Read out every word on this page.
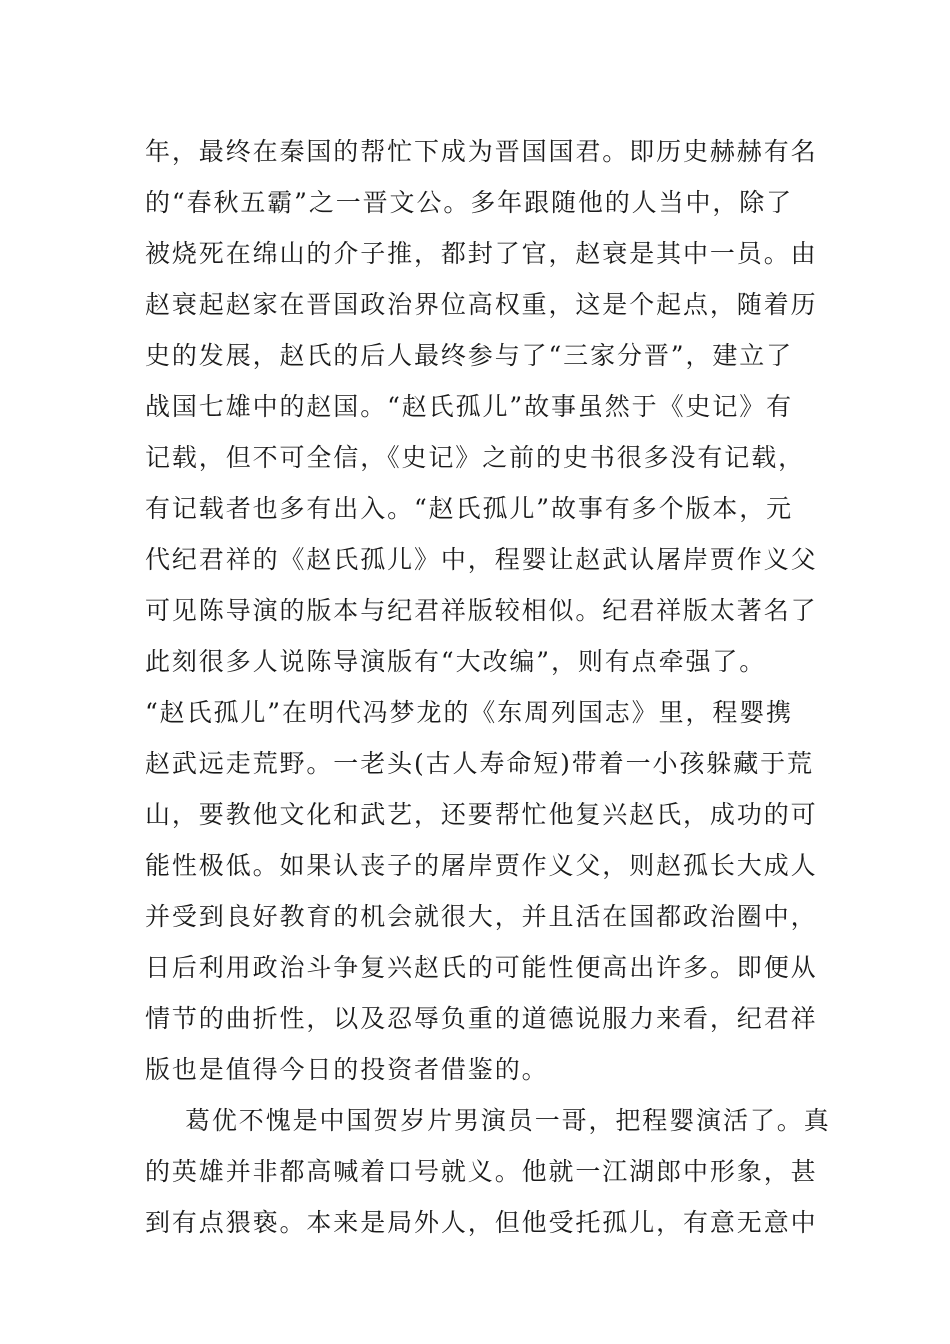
年，最终在秦国的帮忙下成为晋国国君。即历史赫赫有名
的“春秋五霸”之一晋文公。多年跟随他的人当中，除了
被烧死在绵山的介子推，都封了官，赵衰是其中一员。由
赵衰起赵家在晋国政治界位高权重，这是个起点，随着历
史的发展，赵氏的后人最终参与了“三家分晋”，建立了
战国七雄中的赵国。“赵氏孤儿”故事虽然于《史记》有
记载，但不可全信，《史记》之前的史书很多没有记载，
有记载者也多有出入。“赵氏孤儿”故事有多个版本，元
代纪君祥的《赵氏孤儿》中，程婴让赵武认屠岸贾作义父
可见陈导演的版本与纪君祥版较相似。纪君祥版太著名了
此刻很多人说陈导演版有“大改编”，则有点牵强了。
“赵氏孤儿”在明代冯梦龙的《东周列国志》里，程婴携
赵武远走荒野。一老头(古人寿命短)带着一小孩躲藏于荒
山，要教他文化和武艺，还要帮忙他复兴赵氏，成功的可
能性极低。如果认丧子的屠岸贾作义父，则赵孤长大成人
并受到良好教育的机会就很大，并且活在国都政治圈中，
日后利用政治斗争复兴赵氏的可能性便高出许多。即便从
情节的曲折性，以及忍辱负重的道德说服力来看，纪君祥
版也是值得今日的投资者借鉴的。
葛优不愧是中国贺岁片男演员一哥，把程婴演活了。真
的英雄并非都高喊着口号就义。他就一江湖郎中形象，甚
到有点猥亵。本来是局外人，但他受托孤儿，有意无意中
